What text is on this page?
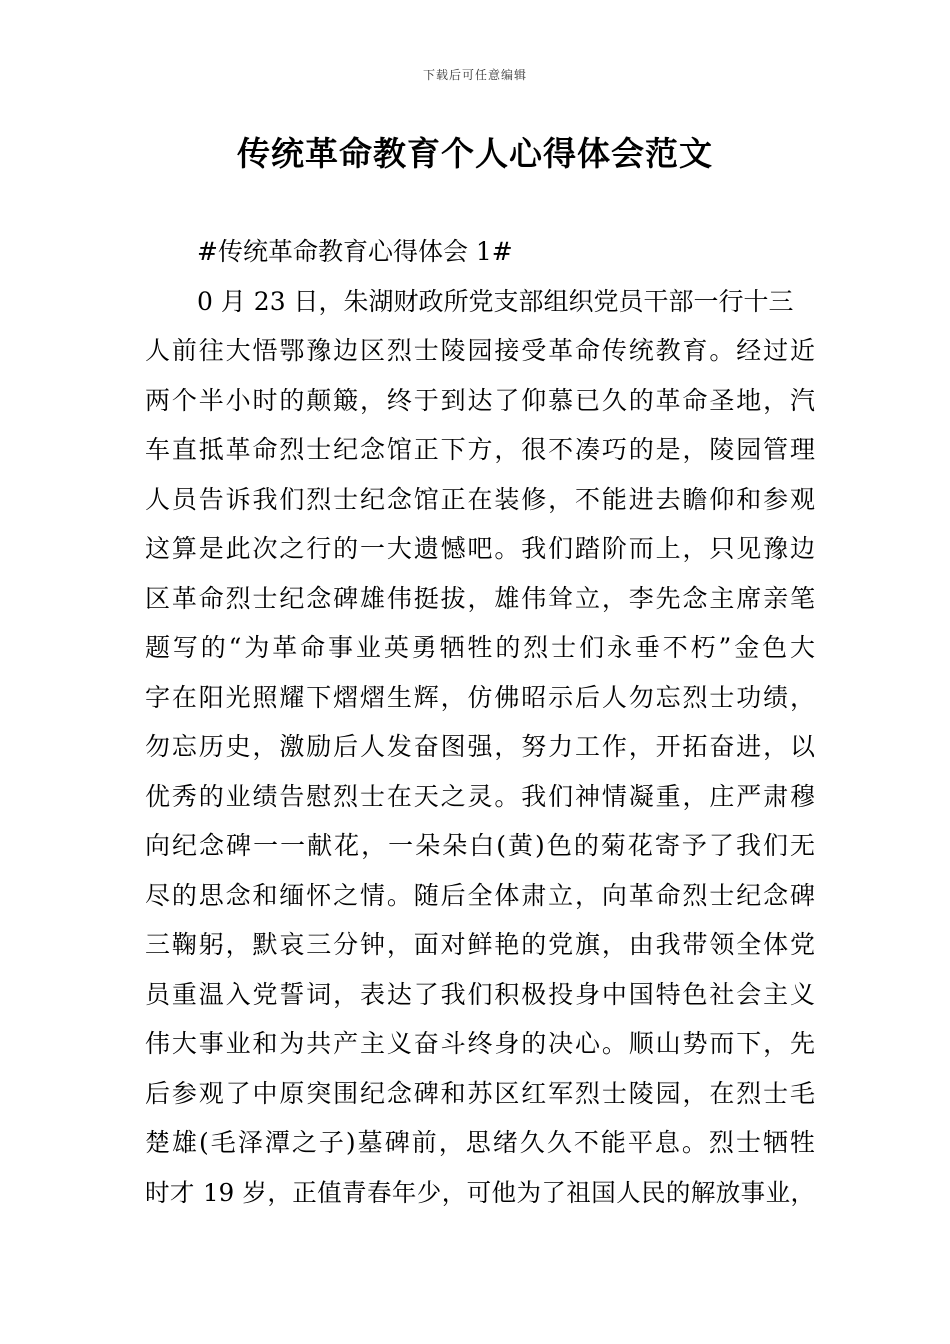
下载后可任意编辑
传统革命教育个人心得体会范文
#传统革命教育心得体会 1#
0 月 23 日，朱湖财政所党支部组织党员干部一行十三
人前往大悟鄂豫边区烈士陵园接受革命传统教育。经过近
两个半小时的颠簸，终于到达了仰慕已久的革命圣地，汽
车直抵革命烈士纪念馆正下方，很不凑巧的是，陵园管理
人员告诉我们烈士纪念馆正在装修，不能进去瞻仰和参观
这算是此次之行的一大遗憾吧。我们踏阶而上，只见豫边
区革命烈士纪念碑雄伟挺拔，雄伟耸立，李先念主席亲笔
题写的“为革命事业英勇牺牲的烈士们永垂不朽”金色大
字在阳光照耀下熠熠生辉，仿佛昭示后人勿忘烈士功绩，
勿忘历史，激励后人发奋图强，努力工作，开拓奋进，以
优秀的业绩告慰烈士在天之灵。我们神情凝重，庄严肃穆
向纪念碑一一献花，一朵朵白(黄)色的菊花寄予了我们无
尽的思念和缅怀之情。随后全体肃立，向革命烈士纪念碑
三鞠躬，默哀三分钟，面对鲜艳的党旗，由我带领全体党
员重温入党誓词，表达了我们积极投身中国特色社会主义
伟大事业和为共产主义奋斗终身的决心。顺山势而下，先
后参观了中原突围纪念碑和苏区红军烈士陵园，在烈士毛
楚雄(毛泽潭之子)墓碑前，思绪久久不能平息。烈士牺牲
时才 19 岁，正值青春年少，可他为了祖国人民的解放事业，
